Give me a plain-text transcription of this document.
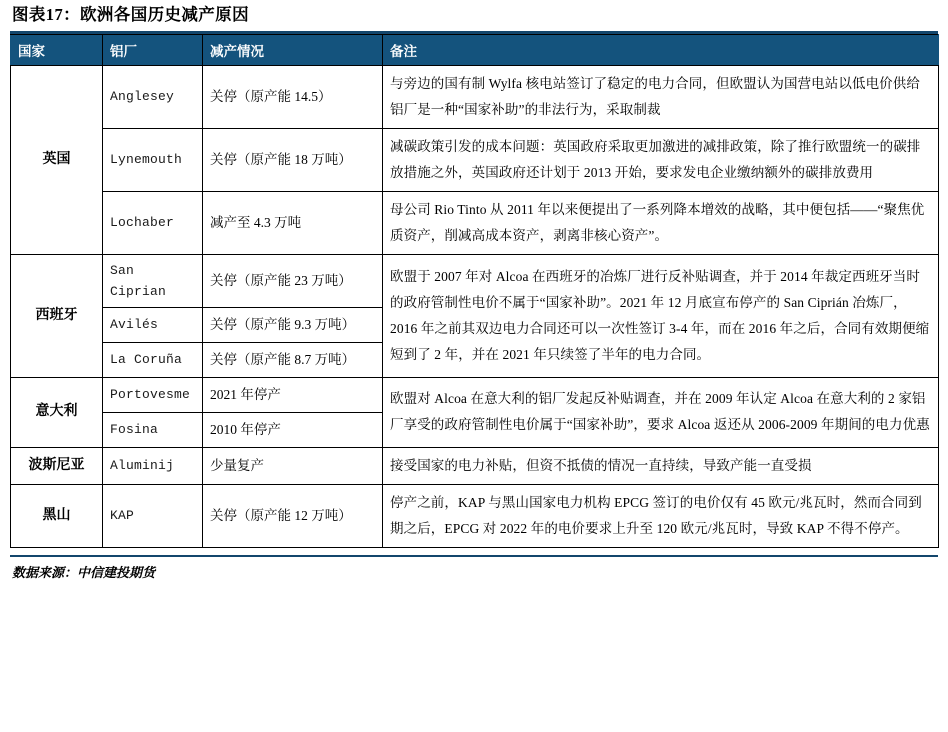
图表17：欧洲各国历史减产原因
国家	铝厂	减产情况	备注
英国	Anglesey	关停（原产能 14.5）	与旁边的国有制 Wylfa 核电站签订了稳定的电力合同，但欧盟认为国营电站以低电价供给铝厂是一种“国家补助”的非法行为，采取制裁
	Lynemouth	关停（原产能 18 万吨）	减碳政策引发的成本问题：英国政府采取更加激进的减排政策，除了推行欧盟统一的碳排放措施之外，英国政府还计划于 2013 开始，要求发电企业缴纳额外的碳排放费用
	Lochaber	减产至 4.3 万吨	母公司 Rio Tinto 从 2011 年以来便提出了一系列降本增效的战略，其中便包括——“聚焦优质资产，削减高成本资产，剥离非核心资产”。
西班牙	San Ciprian	关停（原产能 23 万吨）	欧盟于 2007 年对 Alcoa 在西班牙的冶炼厂进行反补贴调查，并于 2014 年裁定西班牙当时的政府管制性电价不属于“国家补助”。2021 年 12 月底宣布停产的 San Ciprián 冶炼厂，2016 年之前其双边电力合同还可以一次性签订 3-4 年，而在 2016 年之后，合同有效期便缩短到了 2 年，并在 2021 年只续签了半年的电力合同。
	Avilés	关停（原产能 9.3 万吨）	
	La Coruña	关停（原产能 8.7 万吨）	
意大利	Portovesme	2021 年停产	欧盟对 Alcoa 在意大利的铝厂发起反补贴调查，并在 2009 年认定 Alcoa 在意大利的 2 家铝厂享受的政府管制性电价属于“国家补助”，要求 Alcoa 返还从 2006-2009 年期间的电力优惠
	Fosina	2010 年停产	
波斯尼亚	Aluminij	少量复产	接受国家的电力补贴，但资不抵债的情况一直持续，导致产能一直受损
黑山	KAP	关停（原产能 12 万吨）	停产之前，KAP 与黑山国家电力机构 EPCG 签订的电价仅有 45 欧元/兆瓦时，然而合同到期之后，EPCG 对 2022 年的电价要求上升至 120 欧元/兆瓦时，导致 KAP 不得不停产。
数据来源：中信建投期货
